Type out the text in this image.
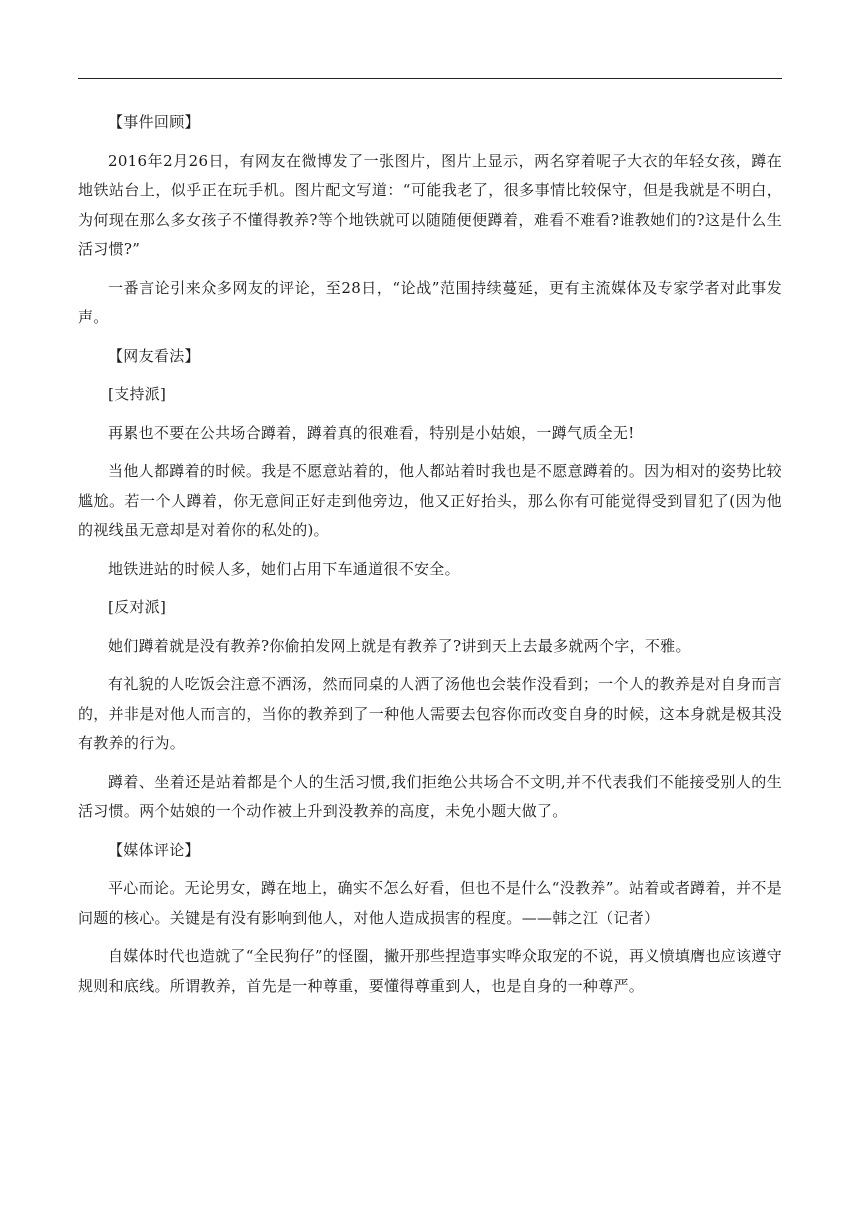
【事件回顾】

2016年2月26日，有网友在微博发了一张图片，图片上显示，两名穿着呢子大衣的年轻女孩，蹲在地铁站台上，似乎正在玩手机。图片配文写道：“可能我老了，很多事情比较保守，但是我就是不明白，为何现在那么多女孩子不懂得教养?等个地铁就可以随随便便蹲着，难看不难看?谁教她们的?这是什么生活习惯?”

一番言论引来众多网友的评论，至28日，“论战”范围持续蔓延，更有主流媒体及专家学者对此事发声。

【网友看法】

[支持派]

再累也不要在公共场合蹲着，蹲着真的很难看，特别是小姑娘，一蹲气质全无!

当他人都蹲着的时候。我是不愿意站着的，他人都站着时我也是不愿意蹲着的。因为相对的姿势比较尴尬。若一个人蹲着，你无意间正好走到他旁边，他又正好抬头，那么你有可能觉得受到冒犯了(因为他的视线虽无意却是对着你的私处的)。

地铁进站的时候人多，她们占用下车通道很不安全。

[反对派]

她们蹲着就是没有教养?你偷拍发网上就是有教养了?讲到天上去最多就两个字，不雅。

有礼貌的人吃饭会注意不洒汤，然而同桌的人洒了汤他也会装作没看到；一个人的教养是对自身而言的，并非是对他人而言的，当你的教养到了一种他人需要去包容你而改变自身的时候，这本身就是极其没有教养的行为。

蹲着、坐着还是站着都是个人的生活习惯,我们拒绝公共场合不文明,并不代表我们不能接受别人的生活习惯。两个姑娘的一个动作被上升到没教养的高度，未免小题大做了。

【媒体评论】

平心而论。无论男女，蹲在地上，确实不怎么好看，但也不是什么“没教养”。站着或者蹲着，并不是问题的核心。关键是有没有影响到他人，对他人造成损害的程度。——韩之江（记者）

自媒体时代也造就了“全民狗仔”的怪圈，撇开那些捏造事实哗众取宠的不说，再义愤填膺也应该遵守规则和底线。所谓教养，首先是一种尊重，要懂得尊重到人，也是自身的一种尊严。
